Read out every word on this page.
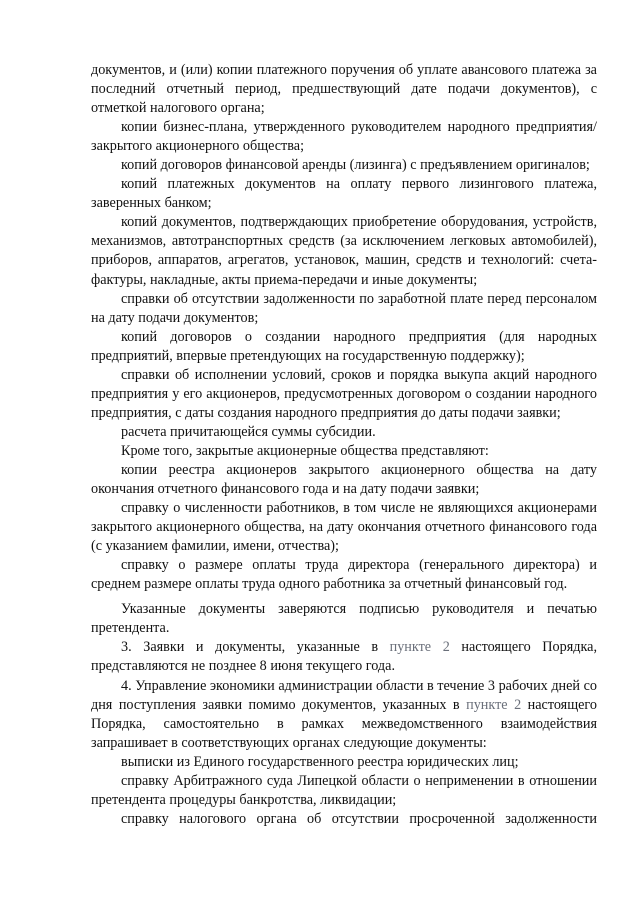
документов, и (или) копии платежного поручения об уплате авансового платежа за последний отчетный период, предшествующий дате подачи документов), с отметкой налогового органа;

копии бизнес-плана, утвержденного руководителем народного предприятия/закрытого акционерного общества;

копий договоров финансовой аренды (лизинга) с предъявлением оригиналов;

копий платежных документов на оплату первого лизингового платежа, заверенных банком;

копий документов, подтверждающих приобретение оборудования, устройств, механизмов, автотранспортных средств (за исключением легковых автомобилей), приборов, аппаратов, агрегатов, установок, машин, средств и технологий: счета-фактуры, накладные, акты приема-передачи и иные документы;

справки об отсутствии задолженности по заработной плате перед персоналом на дату подачи документов;

копий договоров о создании народного предприятия (для народных предприятий, впервые претендующих на государственную поддержку);

справки об исполнении условий, сроков и порядка выкупа акций народного предприятия у его акционеров, предусмотренных договором о создании народного предприятия, с даты создания народного предприятия до даты подачи заявки;

расчета причитающейся суммы субсидии.

Кроме того, закрытые акционерные общества представляют:

копии реестра акционеров закрытого акционерного общества на дату окончания отчетного финансового года и на дату подачи заявки;

справку о численности работников, в том числе не являющихся акционерами закрытого акционерного общества, на дату окончания отчетного финансового года (с указанием фамилии, имени, отчества);

справку о размере оплаты труда директора (генерального директора) и среднем размере оплаты труда одного работника за отчетный финансовый год.

Указанные документы заверяются подписью руководителя и печатью претендента.

3. Заявки и документы, указанные в пункте 2 настоящего Порядка, представляются не позднее 8 июня текущего года.

4. Управление экономики администрации области в течение 3 рабочих дней со дня поступления заявки помимо документов, указанных в пункте 2 настоящего Порядка, самостоятельно в рамках межведомственного взаимодействия запрашивает в соответствующих органах следующие документы:

выписки из Единого государственного реестра юридических лиц;

справку Арбитражного суда Липецкой области о неприменении в отношении претендента процедуры банкротства, ликвидации;

справку налогового органа об отсутствии просроченной задолженности
